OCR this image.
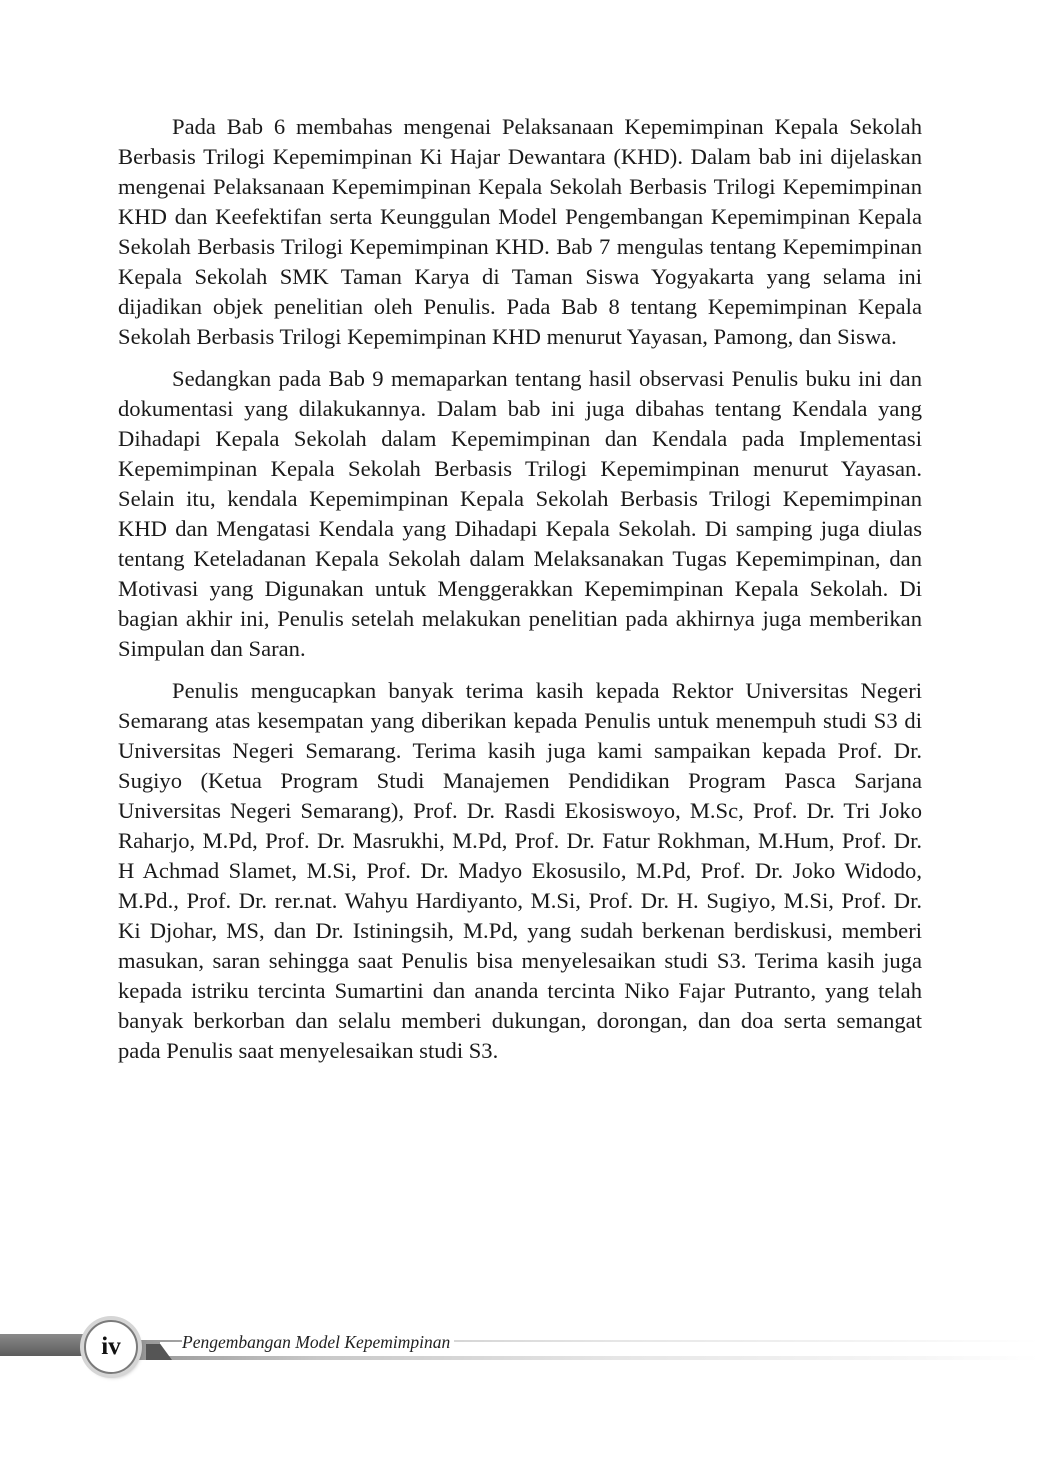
Pada Bab 6 membahas mengenai Pelaksanaan Kepemimpinan Kepala Sekolah Berbasis Trilogi Kepemimpinan Ki Hajar Dewantara (KHD). Dalam bab ini dijelaskan mengenai Pelaksanaan Kepemimpinan Kepala Sekolah Berbasis Trilogi Kepemimpinan KHD dan Keefektifan serta Keunggulan Model Pengembangan Kepemimpinan Kepala Sekolah Berbasis Trilogi Kepemimpinan KHD. Bab 7 mengulas tentang Kepemimpinan Kepala Sekolah SMK Taman Karya di Taman Siswa Yogyakarta yang selama ini dijadikan objek penelitian oleh Penulis. Pada Bab 8 tentang Kepemimpinan Kepala Sekolah Berbasis Trilogi Kepemimpinan KHD menurut Yayasan, Pamong, dan Siswa.

Sedangkan pada Bab 9 memaparkan tentang hasil observasi Penulis buku ini dan dokumentasi yang dilakukannya. Dalam bab ini juga dibahas tentang Kendala yang Dihadapi Kepala Sekolah dalam Kepemimpinan dan Kendala pada Implementasi Kepemimpinan Kepala Sekolah Berbasis Trilogi Kepemimpinan menurut Yayasan. Selain itu, kendala Kepemimpinan Kepala Sekolah Berbasis Trilogi Kepemimpinan KHD dan Mengatasi Kendala yang Dihadapi Kepala Sekolah. Di samping juga diulas tentang Keteladanan Kepala Sekolah dalam Melaksanakan Tugas Kepemimpinan, dan Motivasi yang Digunakan untuk Menggerakkan Kepemimpinan Kepala Sekolah. Di bagian akhir ini, Penulis setelah melakukan penelitian pada akhirnya juga memberikan Simpulan dan Saran.

Penulis mengucapkan banyak terima kasih kepada Rektor Universitas Negeri Semarang atas kesempatan yang diberikan kepada Penulis untuk menempuh studi S3 di Universitas Negeri Semarang. Terima kasih juga kami sampaikan kepada Prof. Dr. Sugiyo (Ketua Program Studi Manajemen Pendidikan Program Pasca Sarjana Universitas Negeri Semarang), Prof. Dr. Rasdi Ekosiswoyo, M.Sc, Prof. Dr. Tri Joko Raharjo, M.Pd, Prof. Dr. Masrukhi, M.Pd, Prof. Dr. Fatur Rokhman, M.Hum, Prof. Dr. H Achmad Slamet, M.Si, Prof. Dr. Madyo Ekosusilo, M.Pd, Prof. Dr. Joko Widodo, M.Pd., Prof. Dr. rer.nat. Wahyu Hardiyanto, M.Si, Prof. Dr. H. Sugiyo, M.Si, Prof. Dr. Ki Djohar, MS, dan Dr. Istiningsih, M.Pd, yang sudah berkenan berdiskusi, memberi masukan, saran sehingga saat Penulis bisa menyelesaikan studi S3. Terima kasih juga kepada istriku tercinta Sumartini dan ananda tercinta Niko Fajar Putranto, yang telah banyak berkorban dan selalu memberi dukungan, dorongan, dan doa serta semangat pada Penulis saat menyelesaikan studi S3.

iv	Pengembangan Model Kepemimpinan
